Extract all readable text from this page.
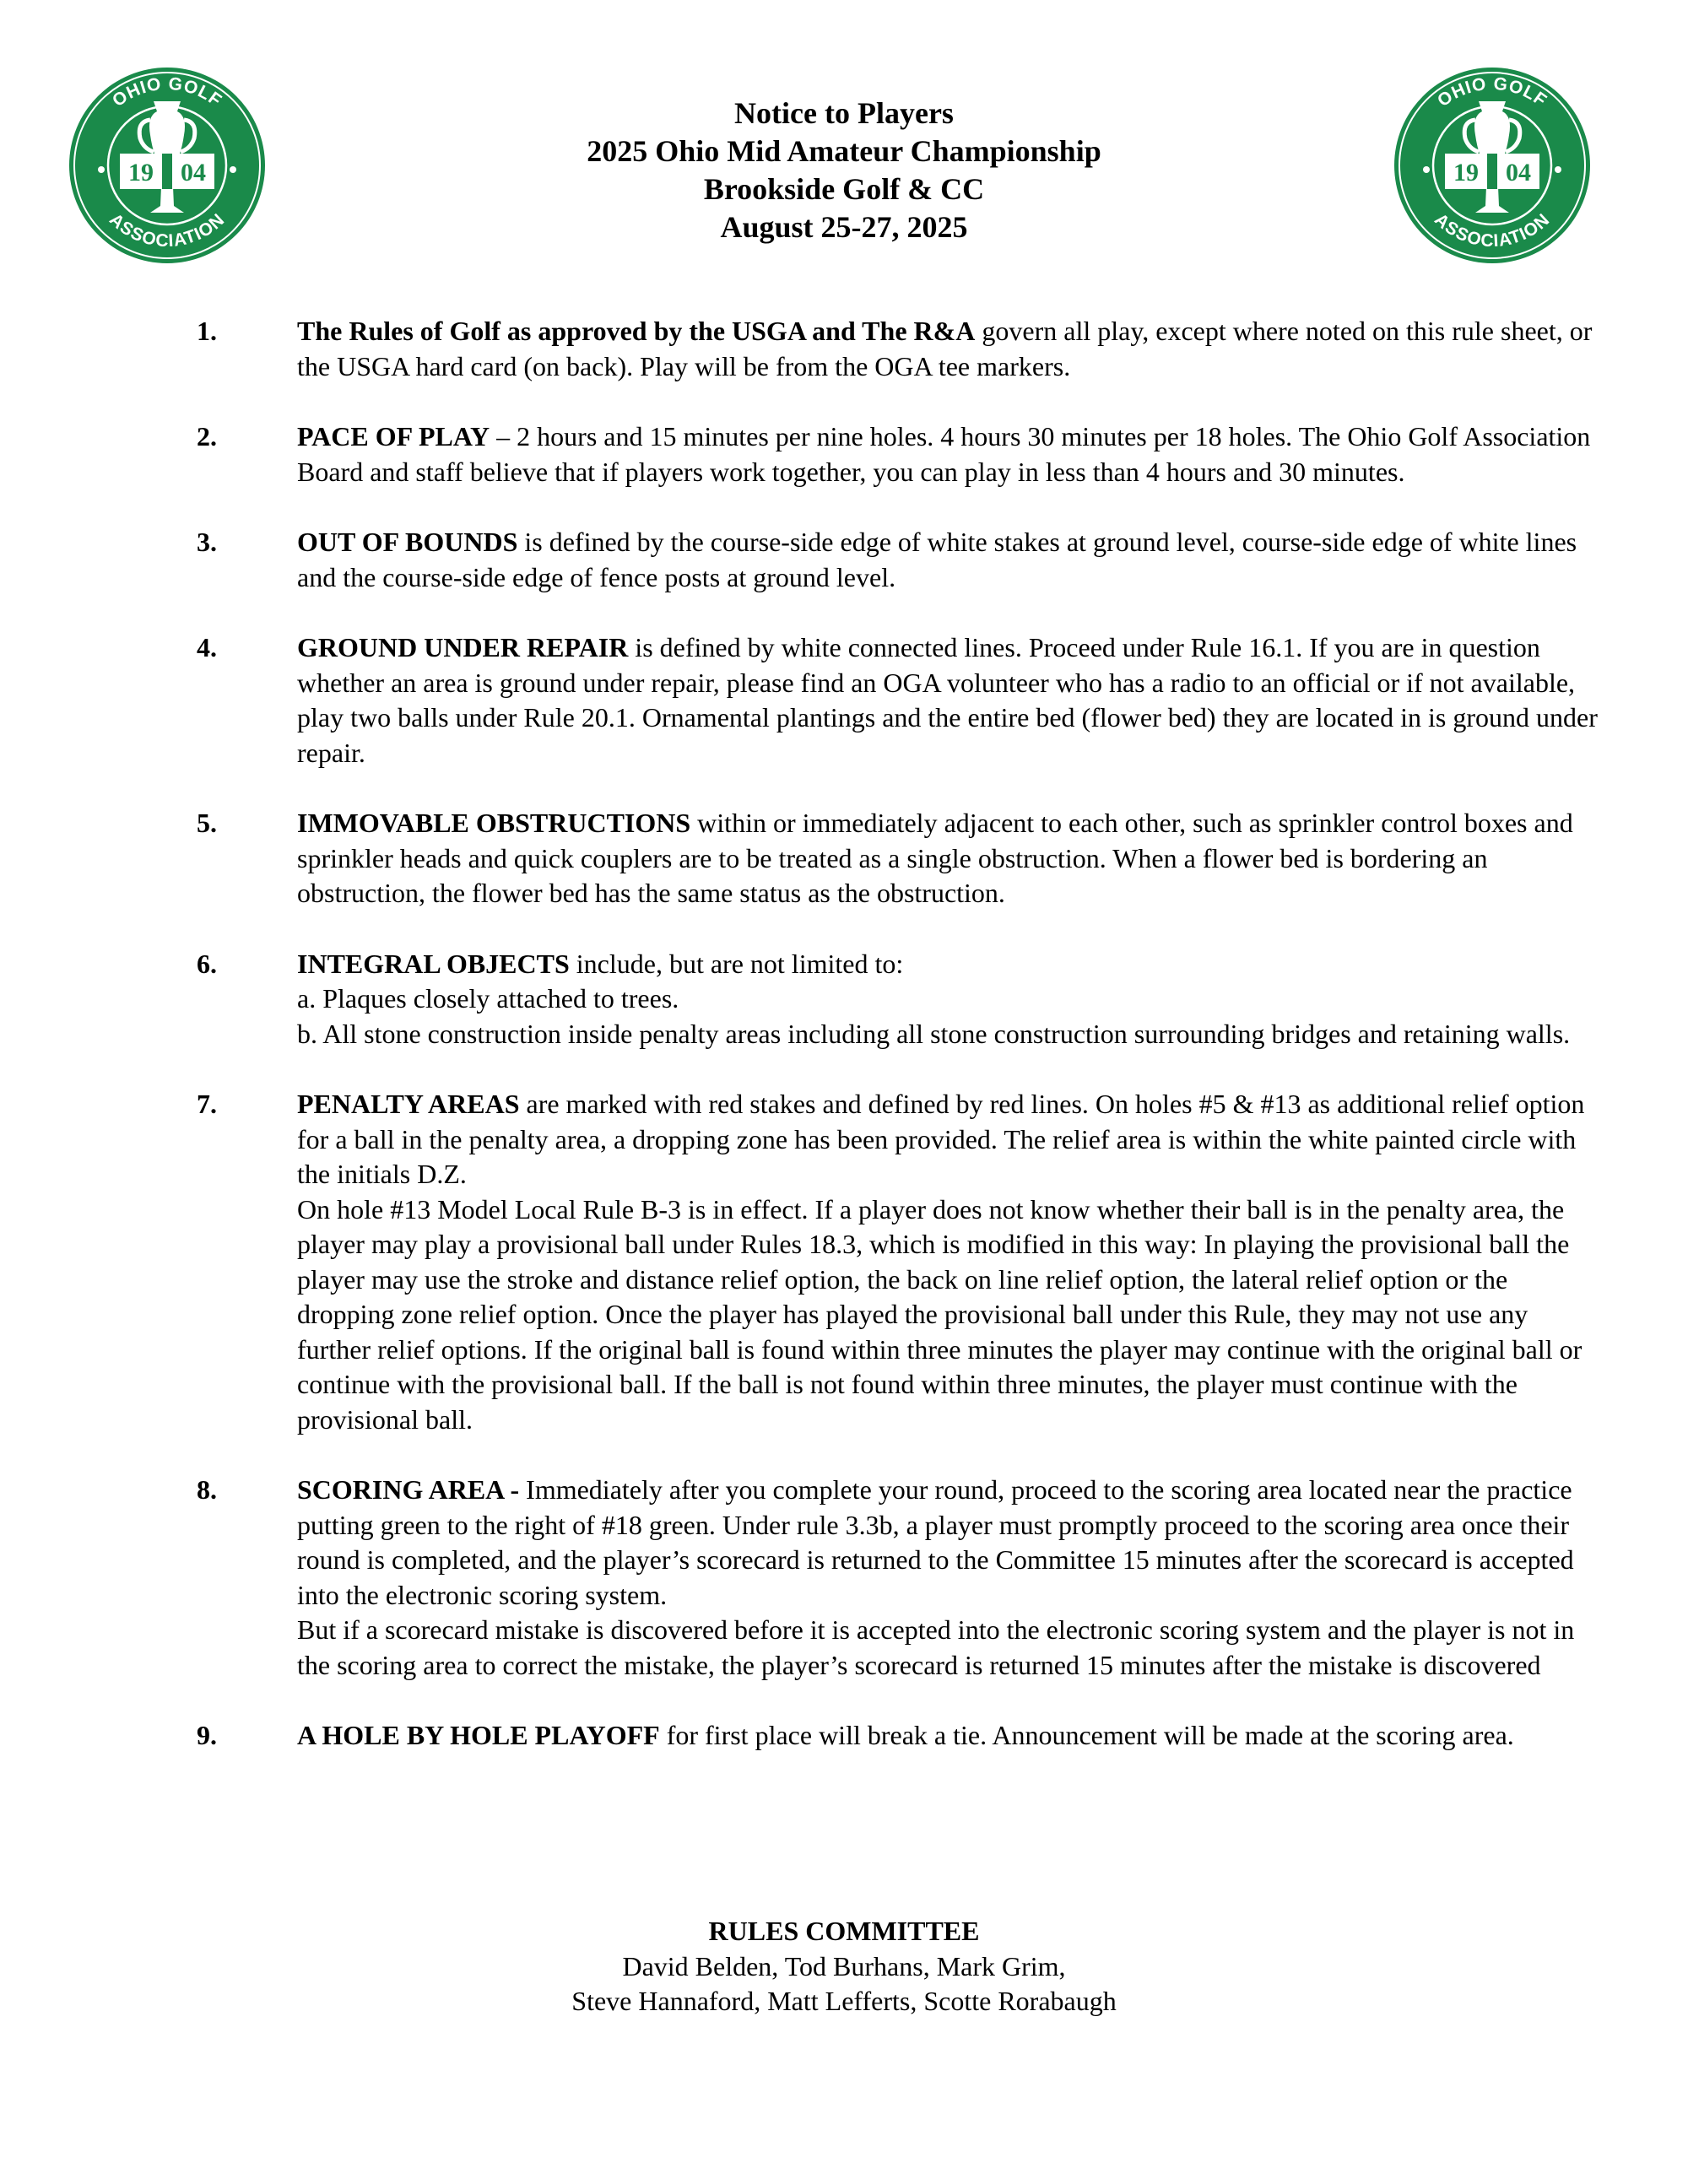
OHIO GOLF
ASSOCIATION
19 04
OHIO GOLF
ASSOCIATION
19 04
Notice to Players
2025 Ohio Mid Amateur Championship
Brookside Golf & CC
August 25-27, 2025
1.	The Rules of Golf as approved by the USGA and The R&A govern all play, except where noted on this rule sheet, or the USGA hard card (on back). Play will be from the OGA tee markers.

2.	PACE OF PLAY – 2 hours and 15 minutes per nine holes. 4 hours 30 minutes per 18 holes. The Ohio Golf Association Board and staff believe that if players work together, you can play in less than 4 hours and 30 minutes.

3.	OUT OF BOUNDS is defined by the course-side edge of white stakes at ground level, course-side edge of white lines and the course-side edge of fence posts at ground level.

4.	GROUND UNDER REPAIR is defined by white connected lines. Proceed under Rule 16.1. If you are in question whether an area is ground under repair, please find an OGA volunteer who has a radio to an official or if not available, play two balls under Rule 20.1. Ornamental plantings and the entire bed (flower bed) they are located in is ground under repair.

5.	IMMOVABLE OBSTRUCTIONS within or immediately adjacent to each other, such as sprinkler control boxes and sprinkler heads and quick couplers are to be treated as a single obstruction. When a flower bed is bordering an obstruction, the flower bed has the same status as the obstruction.

6.	INTEGRAL OBJECTS include, but are not limited to:

a. Plaques closely attached to trees.

b. All stone construction inside penalty areas including all stone construction surrounding bridges and retaining walls.

7.	PENALTY AREAS are marked with red stakes and defined by red lines. On holes #5 & #13 as additional relief option for a ball in the penalty area, a dropping zone has been provided. The relief area is within the white painted circle with the initials D.Z.

On hole #13 Model Local Rule B-3 is in effect. If a player does not know whether their ball is in the penalty area, the player may play a provisional ball under Rules 18.3, which is modified in this way: In playing the provisional ball the player may use the stroke and distance relief option, the back on line relief option, the lateral relief option or the dropping zone relief option. Once the player has played the provisional ball under this Rule, they may not use any further relief options. If the original ball is found within three minutes the player may continue with the original ball or continue with the provisional ball. If the ball is not found within three minutes, the player must continue with the provisional ball.

8.	SCORING AREA - Immediately after you complete your round, proceed to the scoring area located near the practice putting green to the right of #18 green. Under rule 3.3b, a player must promptly proceed to the scoring area once their round is completed, and the player’s scorecard is returned to the Committee 15 minutes after the scorecard is accepted into the electronic scoring system.

But if a scorecard mistake is discovered before it is accepted into the electronic scoring system and the player is not in the scoring area to correct the mistake, the player’s scorecard is returned 15 minutes after the mistake is discovered

9.	A HOLE BY HOLE PLAYOFF for first place will break a tie. Announcement will be made at the scoring area.

RULES COMMITTEE
David Belden, Tod Burhans, Mark Grim,
Steve Hannaford, Matt Lefferts, Scotte Rorabaugh
